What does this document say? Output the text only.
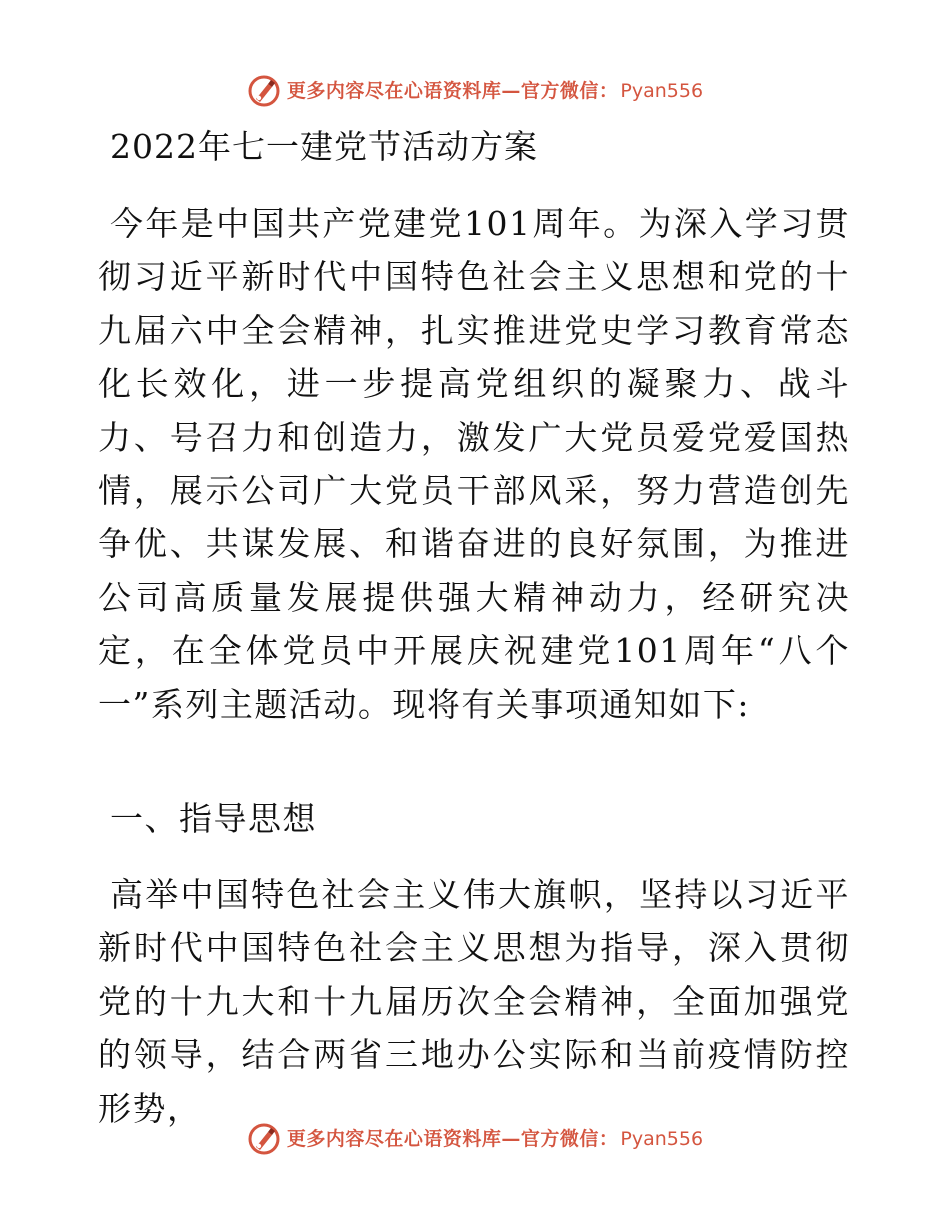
更多内容尽在心语资料库—官方微信： Pyan556
2022年七一建党节活动方案

今年是中国共产党建党101周年。为深入学习贯彻习近平新时代中国特色社会主义思想和党的十九届六中全会精神，扎实推进党史学习教育常态化长效化，进一步提高党组织的凝聚力、战斗力、号召力和创造力，激发广大党员爱党爱国热情，展示公司广大党员干部风采，努力营造创先争优、共谋发展、和谐奋进的良好氛围，为推进公司高质量发展提供强大精神动力，经研究决定，在全体党员中开展庆祝建党101周年“八个一”系列主题活动。现将有关事项通知如下:

一、指导思想

高举中国特色社会主义伟大旗帜，坚持以习近平新时代中国特色社会主义思想为指导，深入贯彻党的十九大和十九届历次全会精神，全面加强党的领导，结合两省三地办公实际和当前疫情防控形势，

更多内容尽在心语资料库—官方微信： Pyan556
